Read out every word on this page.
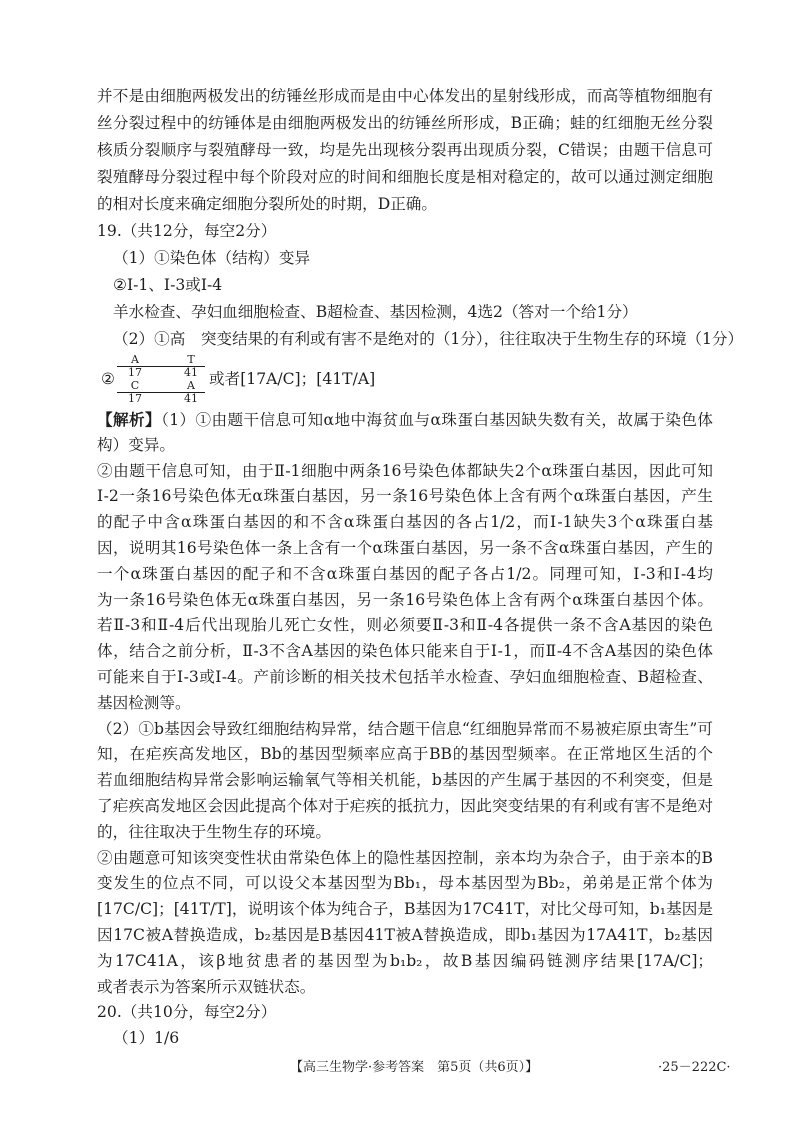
并不是由细胞两极发出的纺锤丝形成而是由中心体发出的星射线形成，而高等植物细胞有
丝分裂过程中的纺锤体是由细胞两极发出的纺锤丝所形成，B正确；蛙的红细胞无丝分裂
核质分裂顺序与裂殖酵母一致，均是先出现核分裂再出现质分裂，C错误；由题干信息可
裂殖酵母分裂过程中每个阶段对应的时间和细胞长度是相对稳定的，故可以通过测定细胞
的相对长度来确定细胞分裂所处的时期，D正确。
19.（共12分，每空2分）
（1）①染色体（结构）变异
②Ⅰ-1、Ⅰ-3或Ⅰ-4
羊水检查、孕妇血细胞检查、B超检查、基因检测，4选2（答对一个给1分）
（2）①高　突变结果的有利或有害不是绝对的（1分），往往取决于生物生存的环境（1分）
②
A	T
17	41
C	A
17	41
或者[17A/C]；[41T/A]
【解析】（1）①由题干信息可知α地中海贫血与α珠蛋白基因缺失数有关，故属于染色体
构）变异。
②由题干信息可知，由于Ⅱ-1细胞中两条16号染色体都缺失2个α珠蛋白基因，因此可知
Ⅰ-2一条16号染色体无α珠蛋白基因，另一条16号染色体上含有两个α珠蛋白基因，产生
的配子中含α珠蛋白基因的和不含α珠蛋白基因的各占1/2，而Ⅰ-1缺失3个α珠蛋白基
因，说明其16号染色体一条上含有一个α珠蛋白基因，另一条不含α珠蛋白基因，产生的
一个α珠蛋白基因的配子和不含α珠蛋白基因的配子各占1/2。同理可知，Ⅰ-3和Ⅰ-4均
为一条16号染色体无α珠蛋白基因，另一条16号染色体上含有两个α珠蛋白基因个体。
若Ⅱ-3和Ⅱ-4后代出现胎儿死亡女性，则必须要Ⅱ-3和Ⅱ-4各提供一条不含A基因的染色
体，结合之前分析，Ⅱ-3不含A基因的染色体只能来自于Ⅰ-1，而Ⅱ-4不含A基因的染色体
可能来自于Ⅰ-3或Ⅰ-4。产前诊断的相关技术包括羊水检查、孕妇血细胞检查、B超检查、
基因检测等。
（2）①b基因会导致红细胞结构异常，结合题干信息“红细胞异常而不易被疟原虫寄生”可
知，在疟疾高发地区，Bb的基因型频率应高于BB的基因型频率。在正常地区生活的个
若血细胞结构异常会影响运输氧气等相关机能，b基因的产生属于基因的不利突变，但是
了疟疾高发地区会因此提高个体对于疟疾的抵抗力，因此突变结果的有利或有害不是绝对
的，往往取决于生物生存的环境。
②由题意可知该突变性状由常染色体上的隐性基因控制，亲本均为杂合子，由于亲本的B
变发生的位点不同，可以设父本基因型为Bb₁，母本基因型为Bb₂，弟弟是正常个体为
[17C/C]；[41T/T]，说明该个体为纯合子，B基因为17C41T，对比父母可知，b₁基因是
因17C被A替换造成，b₂基因是B基因41T被A替换造成，即b₁基因为17A41T，b₂基因
为17C41A，该β地贫患者的基因型为b₁b₂，故B基因编码链测序结果[17A/C]；
或者表示为答案所示双链状态。
20.（共10分，每空2分）
（1）1/6
【高三生物学·参考答案　第5页（共6页）】	·25－222C·
